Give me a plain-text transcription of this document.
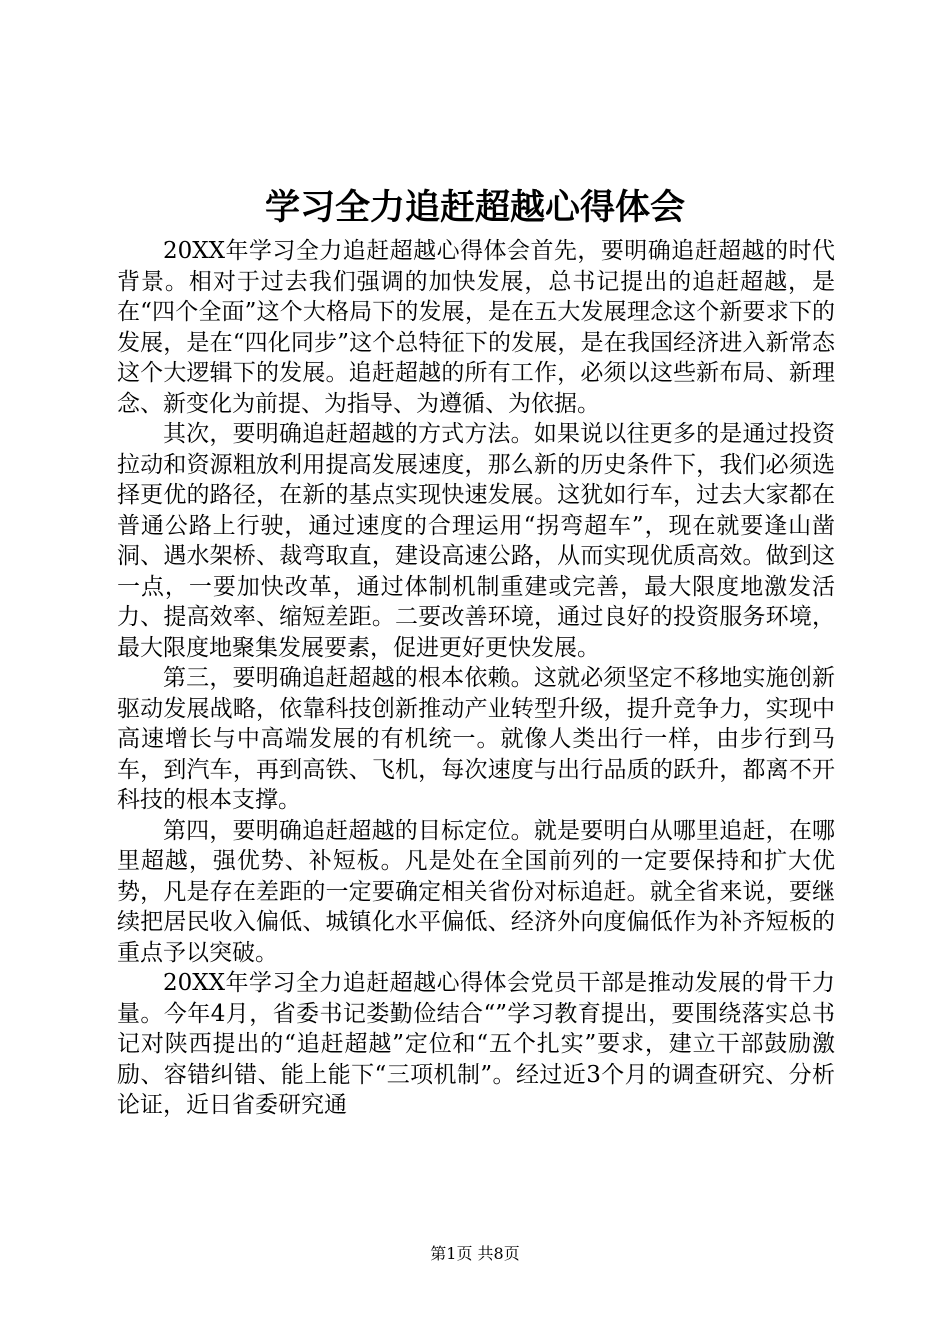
学习全力追赶超越心得体会

20XX年学习全力追赶超越心得体会首先，要明确追赶超越的时代背景。相对于过去我们强调的加快发展，总书记提出的追赶超越，是在“四个全面”这个大格局下的发展，是在五大发展理念这个新要求下的发展，是在“四化同步”这个总特征下的发展，是在我国经济进入新常态这个大逻辑下的发展。追赶超越的所有工作，必须以这些新布局、新理念、新变化为前提、为指导、为遵循、为依据。

其次，要明确追赶超越的方式方法。如果说以往更多的是通过投资拉动和资源粗放利用提高发展速度，那么新的历史条件下，我们必须选择更优的路径，在新的基点实现快速发展。这犹如行车，过去大家都在普通公路上行驶，通过速度的合理运用“拐弯超车”，现在就要逢山凿洞、遇水架桥、裁弯取直，建设高速公路，从而实现优质高效。做到这一点，一要加快改革，通过体制机制重建或完善，最大限度地激发活力、提高效率、缩短差距。二要改善环境，通过良好的投资服务环境，最大限度地聚集发展要素，促进更好更快发展。

第三，要明确追赶超越的根本依赖。这就必须坚定不移地实施创新驱动发展战略，依靠科技创新推动产业转型升级，提升竞争力，实现中高速增长与中高端发展的有机统一。就像人类出行一样，由步行到马车，到汽车，再到高铁、飞机，每次速度与出行品质的跃升，都离不开科技的根本支撑。

第四，要明确追赶超越的目标定位。就是要明白从哪里追赶，在哪里超越，强优势、补短板。凡是处在全国前列的一定要保持和扩大优势，凡是存在差距的一定要确定相关省份对标追赶。就全省来说，要继续把居民收入偏低、城镇化水平偏低、经济外向度偏低作为补齐短板的重点予以突破。

20XX年学习全力追赶超越心得体会党员干部是推动发展的骨干力量。今年4月，省委书记娄勤俭结合“”学习教育提出，要围绕落实总书记对陕西提出的“追赶超越”定位和“五个扎实”要求，建立干部鼓励激励、容错纠错、能上能下“三项机制”。经过近3个月的调查研究、分析论证，近日省委研究通

第1页 共8页
